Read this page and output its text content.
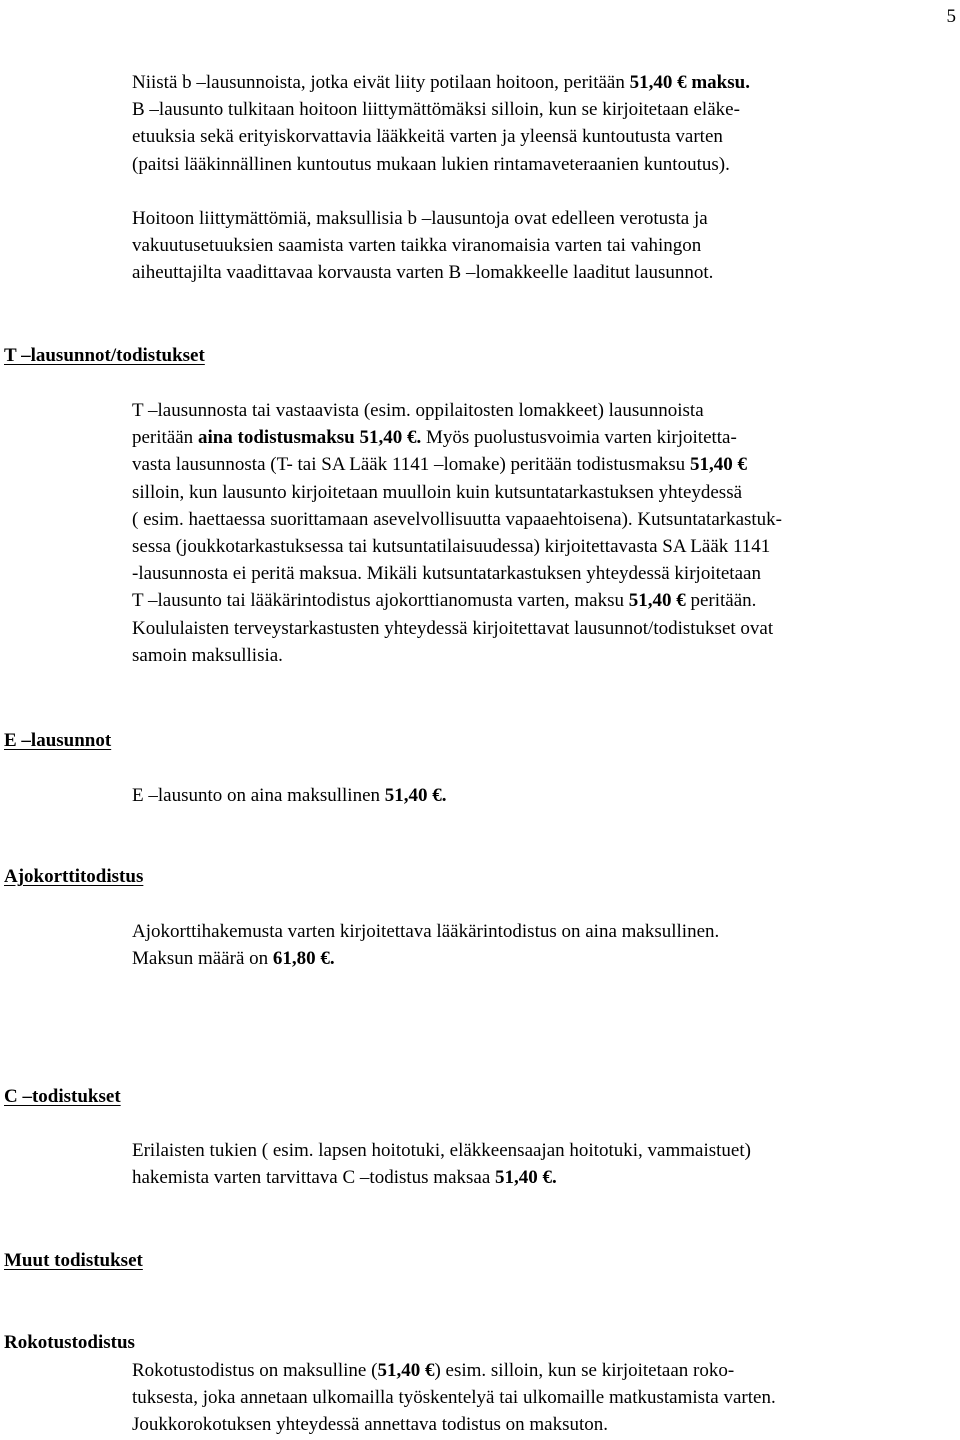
5
Niistä b –lausunnoista, jotka eivät liity potilaan hoitoon, peritään 51,40 € maksu.
B –lausunto tulkitaan hoitoon liittymättömäksi silloin, kun se kirjoitetaan eläke-
etuuksia sekä erityiskorvattavia lääkkeitä varten ja yleensä kuntoutusta varten
(paitsi lääkinnällinen kuntoutus mukaan lukien rintamaveteraanien kuntoutus).
Hoitoon liittymättömiä, maksullisia b –lausuntoja ovat edelleen verotusta ja
vakuutusetuuksien saamista varten taikka viranomaisia varten tai vahingon
aiheuttajilta vaadittavaa korvausta varten B –lomakkeelle laaditut lausunnot.
T –lausunnot/todistukset
T –lausunnosta tai vastaavista (esim. oppilaitosten lomakkeet) lausunnoista
peritään aina todistusmaksu 51,40 €. Myös puolustusvoimia varten kirjoitetta-
vasta lausunnosta (T- tai SA Lääk 1141 –lomake) peritään todistusmaksu 51,40 €
silloin, kun lausunto kirjoitetaan muulloin kuin kutsuntatarkastuksen yhteydessä
( esim. haettaessa suorittamaan asevelvollisuutta vapaaehtoisena). Kutsuntatarkastuk-
sessa (joukkotarkastuksessa tai kutsuntatilaisuudessa) kirjoitettavasta SA Lääk 1141
-lausunnosta ei peritä maksua. Mikäli kutsuntatarkastuksen yhteydessä kirjoitetaan
T –lausunto tai lääkärintodistus ajokorttianomusta varten, maksu 51,40 € peritään.
Koululaisten terveystarkastusten yhteydessä kirjoitettavat lausunnot/todistukset ovat
samoin maksullisia.
E –lausunnot
E –lausunto on aina maksullinen 51,40 €.
Ajokorttitodistus
Ajokorttihakemusta varten kirjoitettava lääkärintodistus on aina maksullinen.
Maksun määrä on 61,80 €.
C –todistukset
Erilaisten tukien ( esim. lapsen hoitotuki, eläkkeensaajan hoitotuki, vammaistuet)
hakemista varten tarvittava C –todistus maksaa 51,40 €.
Muut todistukset
Rokotustodistus
Rokotustodistus on maksulline (51,40 €) esim. silloin, kun se kirjoitetaan roko-
tuksesta, joka annetaan ulkomailla työskentelyä tai ulkomaille matkustamista varten.
Joukkorokotuksen yhteydessä annettava todistus on maksuton.
